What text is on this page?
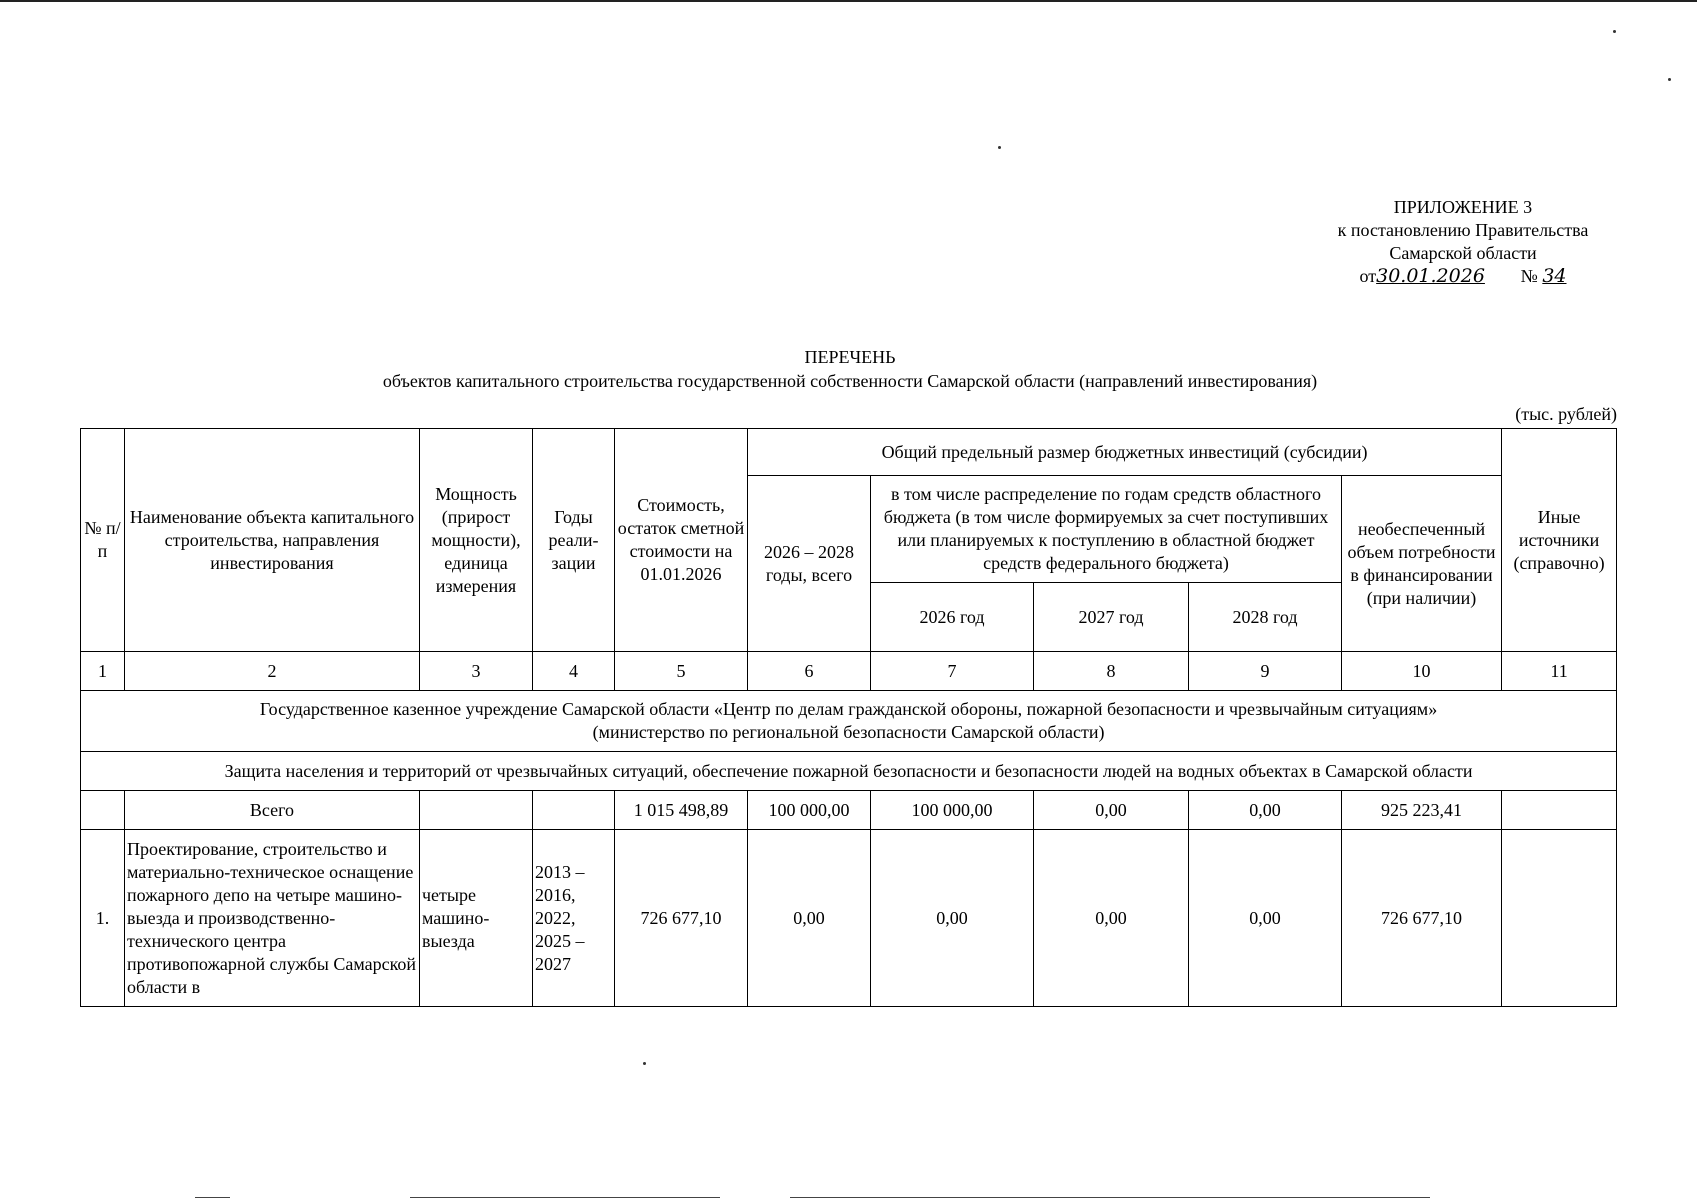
ПРИЛОЖЕНИЕ 3
к постановлению Правительства
Самарской области
от30.01.2026 № 34
ПЕРЕЧЕНЬ
объектов капитального строительства государственной собственности Самарской области (направлений инвестирования)
(тыс. рублей)
№ п/п	Наименование объекта капитального строительства, направления инвестирования	Мощность (прирост мощности), единица измерения	Годы реали-зации	Стоимость, остаток сметной стоимости на 01.01.2026	Общий предельный размер бюджетных инвестиций (субсидии)					Иные источники (справочно)
					2026 – 2028 годы, всего	в том числе распределение по годам средств областного бюджета (в том числе формируемых за счет поступивших или планируемых к поступлению в областной бюджет средств федерального бюджета)			необеспеченный объем потребности в финансировании (при наличии)	
						2026 год	2027 год	2028 год		
1	2	3	4	5	6	7	8	9	10	11

Государственное казенное учреждение Самарской области «Центр по делам гражданской обороны, пожарной безопасности и чрезвычайным ситуациям»
(министерство по региональной безопасности Самарской области)										

Защита населения и территорий от чрезвычайных ситуаций, обеспечение пожарной безопасности и безопасности людей на водных объектах в Самарской области										
	Всего			1 015 498,89	100 000,00	100 000,00	0,00	0,00	925 223,41	
1.	Проектирование, строительство и материально-техническое оснащение пожарного депо на четыре машино-выезда и производственно-технического центра противопожарной службы Самарской области в	четыре машино-выезда	2013 – 2016, 2022, 2025 – 2027	726 677,10	0,00	0,00	0,00	0,00	726 677,10	
